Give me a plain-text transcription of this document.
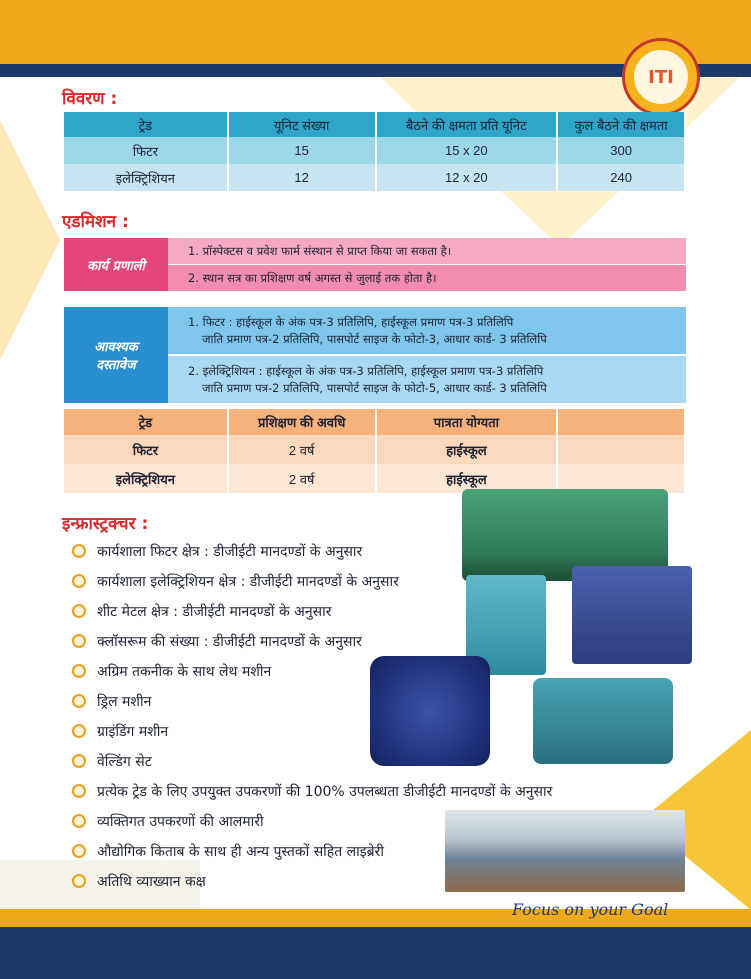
ITI
विवरण :
ट्रेड	यूनिट संख्या	बैठने की क्षमता प्रति यूनिट	कुल बैठने की क्षमता
फिटर	15	15 x 20	300
इलेक्ट्रिशियन	12	12 x 20	240
एडमिशन :
कार्य प्रणाली
1. प्रॉस्पेक्टस व प्रवेश फार्म संस्थान से प्राप्त किया जा सकता है।
2. स्थान सत्र का प्रशिक्षण वर्ष अगस्त से जुलाई तक होता है।
आवश्यक
दस्तावेज
1. फिटर : हाईस्कूल के अंक पत्र-3 प्रतिलिपि, हाईस्कूल प्रमाण पत्र-3 प्रतिलिपि
जाति प्रमाण पत्र-2 प्रतिलिपि, पासपोर्ट साइज के फोटो-3, आधार कार्ड- 3 प्रतिलिपि
2. इलेक्ट्रिशियन : हाईस्कूल के अंक पत्र-3 प्रतिलिपि, हाईस्कूल प्रमाण पत्र-3 प्रतिलिपि
जाति प्रमाण पत्र-2 प्रतिलिपि, पासपोर्ट साइज के फोटो-5, आधार कार्ड- 3 प्रतिलिपि
ट्रेड	प्रशिक्षण की अवधि	पात्रता योग्यता	
फिटर	2 वर्ष	हाईस्कूल	
इलेक्ट्रिशियन	2 वर्ष	हाईस्कूल	
इन्फ्रास्ट्रक्चर :
कार्यशाला फिटर क्षेत्र : डीजीईटी मानदण्डों के अनुसार
कार्यशाला इलेक्ट्रिशियन क्षेत्र : डीजीईटी मानदण्डों के अनुसार
शीट मेटल क्षेत्र : डीजीईटी मानदण्डों के अनुसार
क्लॉसरूम की संख्या : डीजीईटी मानदण्डों के अनुसार
अग्रिम तकनीक के साथ लेथ मशीन
ड्रिल मशीन
ग्राइंडिंग मशीन
वेल्डिंग सेट
प्रत्येक ट्रेड के लिए उपयुक्त उपकरणों की 100% उपलब्धता डीजीईटी मानदण्डों के अनुसार
व्यक्तिगत उपकरणों की आलमारी
औद्योगिक किताब के साथ ही अन्य पुस्तकों सहित लाइब्रेरी
अतिथि व्याख्यान कक्ष
Focus on your Goal
